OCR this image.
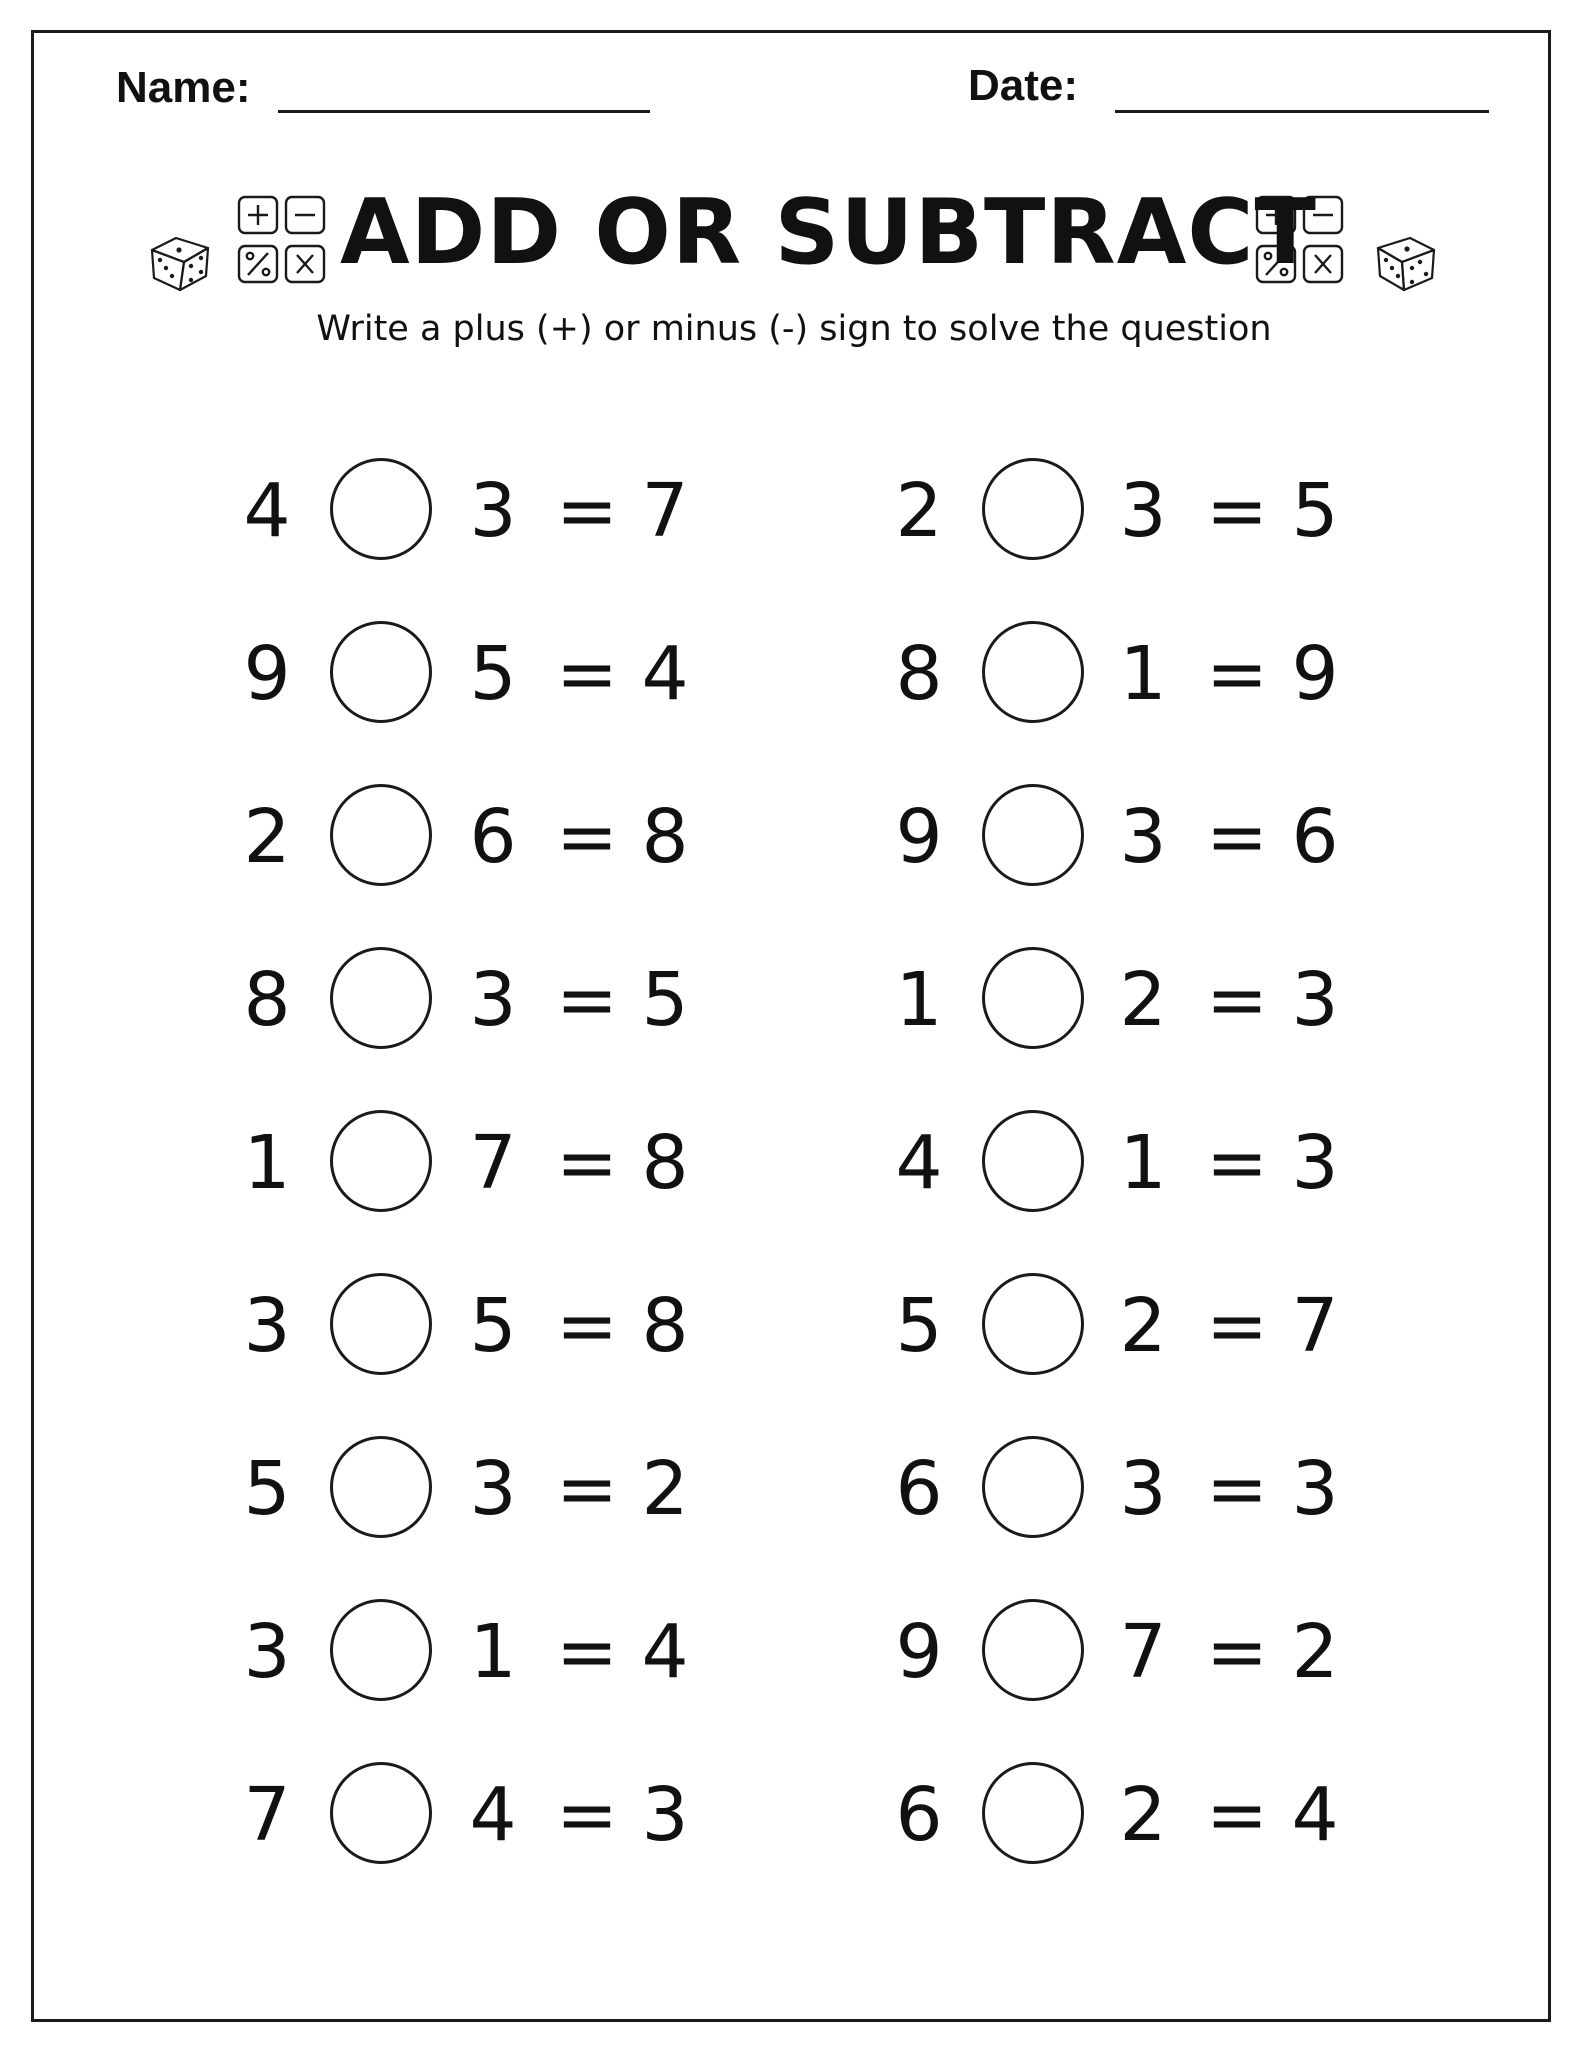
Name:	Date:
ADD OR SUBTRACT
Write a plus (+) or minus (-) sign to solve the question
4 3 = 7
9 5 = 4
2 6 = 8
8 3 = 5
1 7 = 8
3 5 = 8
5 3 = 2
3 1 = 4
7 4 = 3
2 3 = 5
8 1 = 9
9 3 = 6
1 2 = 3
4 1 = 3
5 2 = 7
6 3 = 3
9 7 = 2
6 2 = 4
